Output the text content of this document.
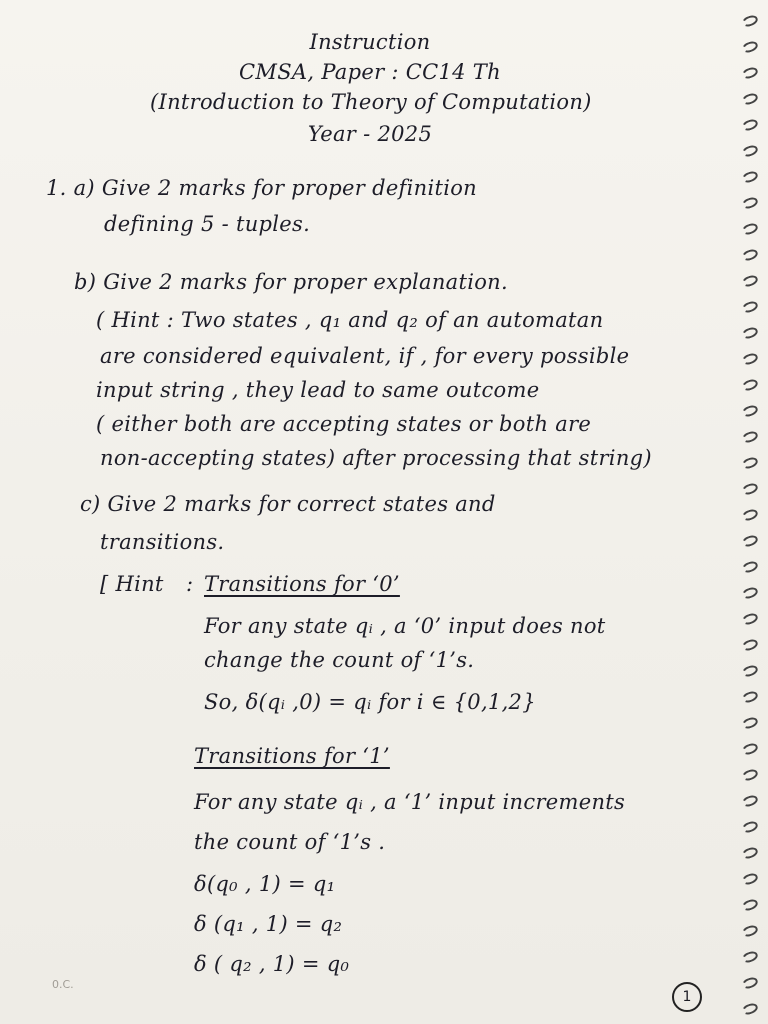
Instruction
CMSA, Paper : CC14 Th
(Introduction to Theory of Computation)
Year - 2025
1. a) Give 2 marks for proper definition
defining 5 - tuples.
b) Give 2 marks for proper explanation.
( Hint : Two states , q₁ and q₂ of an automatan
are considered equivalent, if , for every possible
input string , they lead to same outcome
( either both are accepting states or both are
non-accepting states) after processing that string)
c) Give 2 marks for correct states and
transitions.
[ Hint : Transitions for ‘0’
For any state qᵢ , a ‘0’ input does not
change the count of ‘1’s.
So, δ(qᵢ ,0) = qᵢ for i ∈ {0,1,2}
Transitions for ‘1’
For any state qᵢ , a ‘1’ input increments
the count of ‘1’s .
δ(q₀ , 1) = q₁
δ (q₁ , 1) = q₂
δ ( q₂ , 1) = q₀
0.C.
1
